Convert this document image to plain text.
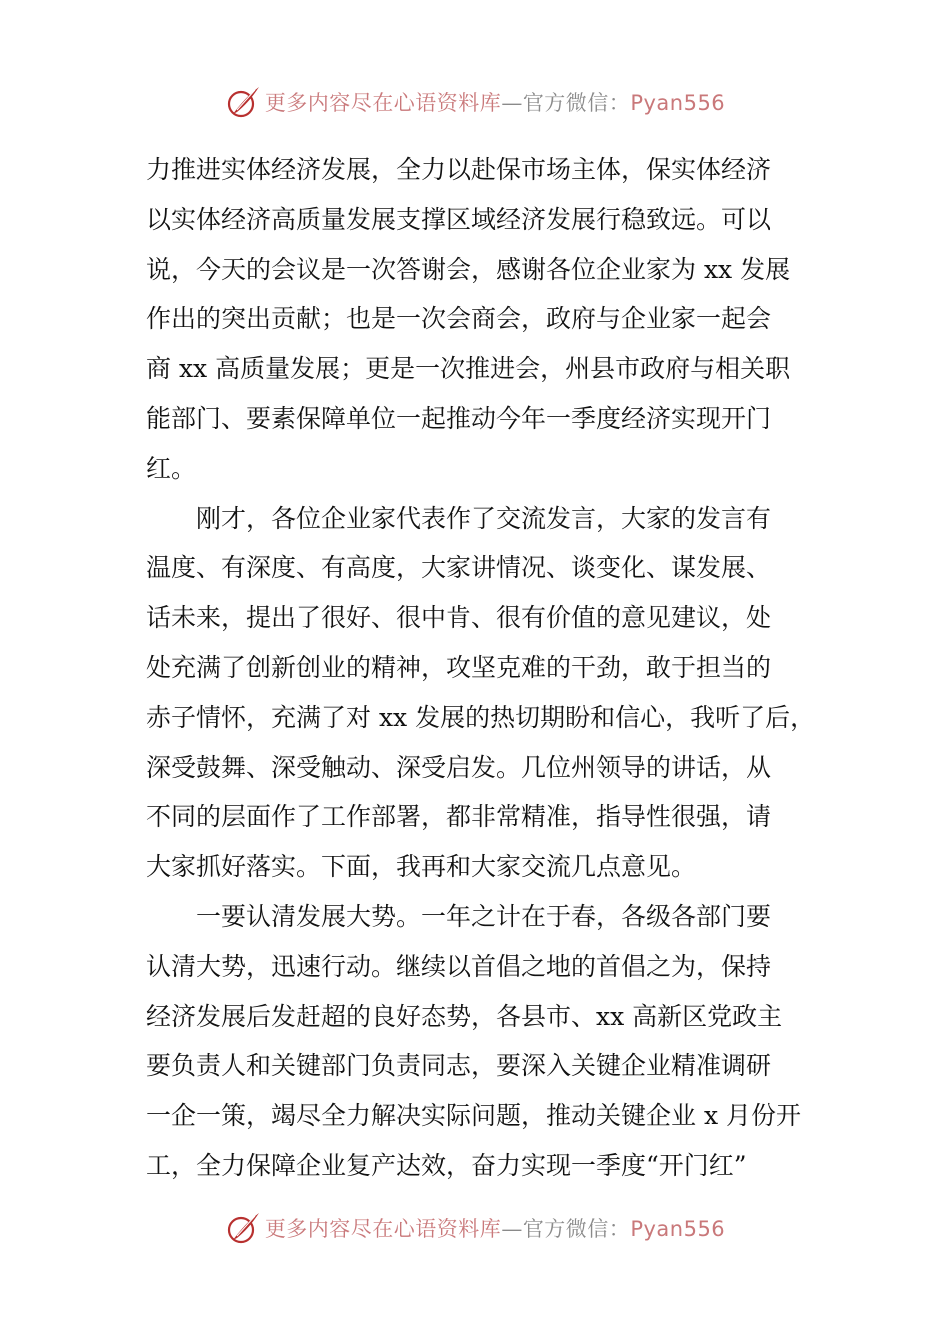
更多内容尽在心语资料库—官方微信：Pyan556
力推进实体经济发展，全力以赴保市场主体，保实体经济
以实体经济高质量发展支撑区域经济发展行稳致远。可以
说，今天的会议是一次答谢会，感谢各位企业家为 xx 发展
作出的突出贡献；也是一次会商会，政府与企业家一起会
商 xx 高质量发展；更是一次推进会，州县市政府与相关职
能部门、要素保障单位一起推动今年一季度经济实现开门
红。
刚才，各位企业家代表作了交流发言，大家的发言有
温度、有深度、有高度，大家讲情况、谈变化、谋发展、
话未来，提出了很好、很中肯、很有价值的意见建议，处
处充满了创新创业的精神，攻坚克难的干劲，敢于担当的
赤子情怀，充满了对 xx 发展的热切期盼和信心，我听了后，
深受鼓舞、深受触动、深受启发。几位州领导的讲话，从
不同的层面作了工作部署，都非常精准，指导性很强，请
大家抓好落实。下面，我再和大家交流几点意见。
一要认清发展大势。一年之计在于春，各级各部门要
认清大势，迅速行动。继续以首倡之地的首倡之为，保持
经济发展后发赶超的良好态势，各县市、xx 高新区党政主
要负责人和关键部门负责同志，要深入关键企业精准调研
一企一策，竭尽全力解决实际问题，推动关键企业 x 月份开
工，全力保障企业复产达效，奋力实现一季度“开门红”
更多内容尽在心语资料库—官方微信：Pyan556
